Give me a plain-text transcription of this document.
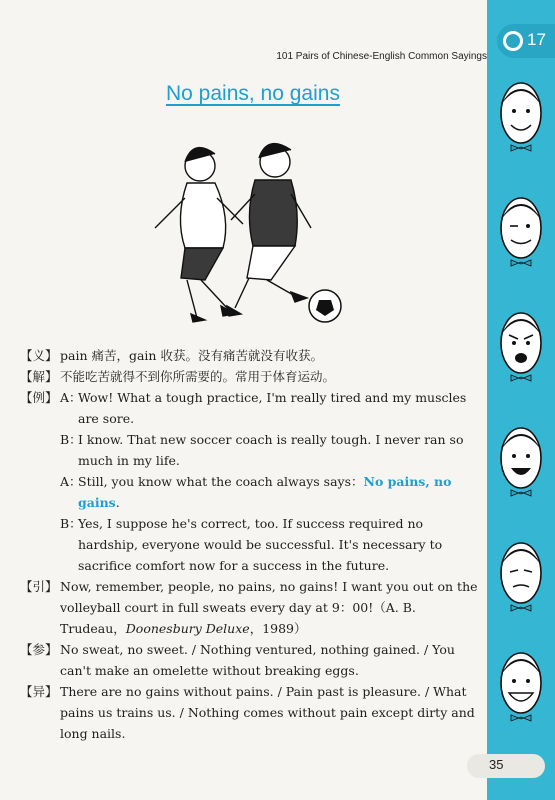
17
101 Pairs of Chinese-English Common Sayings
No pains, no gains
【义】 pain 痛苦，gain 收获。没有痛苦就没有收获。
【解】 不能吃苦就得不到你所需要的。常用于体育运动。
【例】 A：
Wow! What a tough practice, I'm really tired and my muscles are sore.
B：
I know. That new soccer coach is really tough. I never ran so much in my life.
A：
Still, you know what the coach always says：No pains, no gains.
B：
Yes, I suppose he's correct, too. If success required no hardship, everyone would be successful. It's necessary to sacrifice comfort now for a success in the future.
【引】 Now, remember, people, no pains, no gains! I want you out on the volleyball court in full sweats every day at 9：00!（A. B. Trudeau，Doonesbury Deluxe，1989）
【参】 No sweat, no sweet. / Nothing ventured, nothing gained. / You can't make an omelette without breaking eggs.
【异】 There are no gains without pains. / Pain past is pleasure. / What pains us trains us. / Nothing comes without pain except dirty and long nails.
35
